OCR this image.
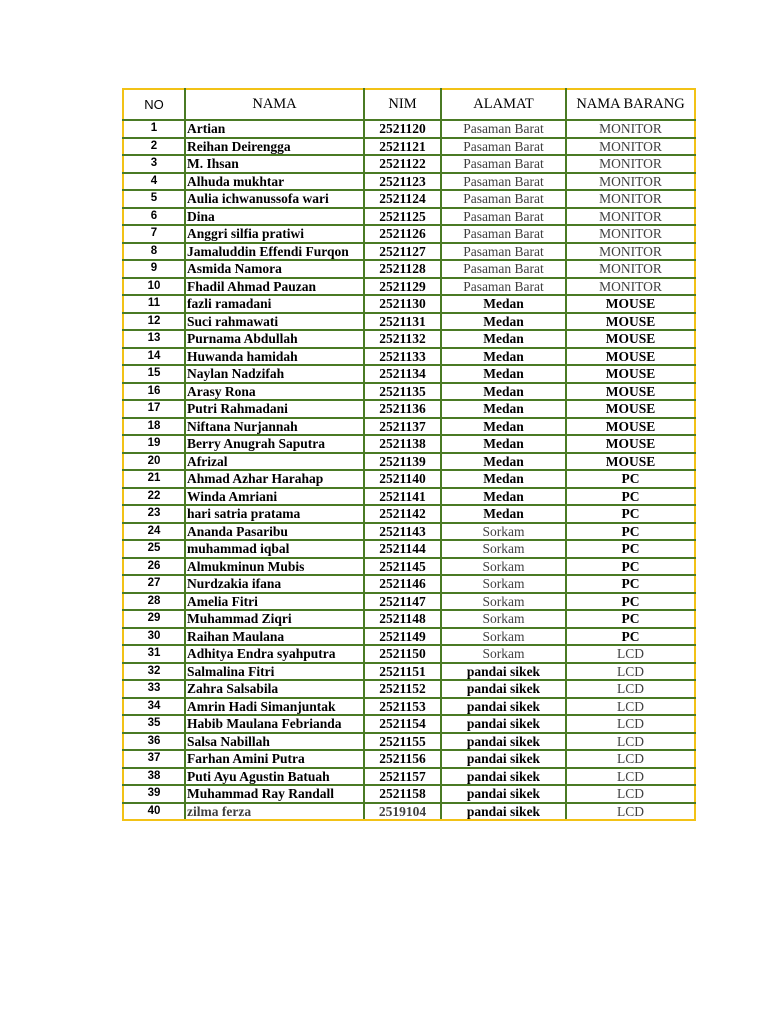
NO	NAMA	NIM	ALAMAT	NAMA BARANG
1	Artian	2521120	Pasaman Barat	MONITOR
2	Reihan Deirengga	2521121	Pasaman Barat	MONITOR
3	M. Ihsan	2521122	Pasaman Barat	MONITOR
4	Alhuda mukhtar	2521123	Pasaman Barat	MONITOR
5	Aulia ichwanussofa wari	2521124	Pasaman Barat	MONITOR
6	Dina	2521125	Pasaman Barat	MONITOR
7	Anggri silfia pratiwi	2521126	Pasaman Barat	MONITOR
8	Jamaluddin Effendi Furqon	2521127	Pasaman Barat	MONITOR
9	Asmida Namora	2521128	Pasaman Barat	MONITOR
10	Fhadil Ahmad Pauzan	2521129	Pasaman Barat	MONITOR
11	fazli ramadani	2521130	Medan	MOUSE
12	Suci rahmawati	2521131	Medan	MOUSE
13	Purnama Abdullah	2521132	Medan	MOUSE
14	Huwanda hamidah	2521133	Medan	MOUSE
15	Naylan Nadzifah	2521134	Medan	MOUSE
16	Arasy Rona	2521135	Medan	MOUSE
17	Putri Rahmadani	2521136	Medan	MOUSE
18	Niftana Nurjannah	2521137	Medan	MOUSE
19	Berry Anugrah Saputra	2521138	Medan	MOUSE
20	Afrizal	2521139	Medan	MOUSE
21	Ahmad Azhar Harahap	2521140	Medan	PC
22	Winda Amriani	2521141	Medan	PC
23	hari satria pratama	2521142	Medan	PC
24	Ananda Pasaribu	2521143	Sorkam	PC
25	muhammad iqbal	2521144	Sorkam	PC
26	Almukminun Mubis	2521145	Sorkam	PC
27	Nurdzakia ifana	2521146	Sorkam	PC
28	Amelia Fitri	2521147	Sorkam	PC
29	Muhammad Ziqri	2521148	Sorkam	PC
30	Raihan Maulana	2521149	Sorkam	PC
31	Adhitya Endra syahputra	2521150	Sorkam	LCD
32	Salmalina Fitri	2521151	pandai sikek	LCD
33	Zahra Salsabila	2521152	pandai sikek	LCD
34	Amrin Hadi Simanjuntak	2521153	pandai sikek	LCD
35	Habib Maulana Febrianda	2521154	pandai sikek	LCD
36	Salsa Nabillah	2521155	pandai sikek	LCD
37	Farhan Amini Putra	2521156	pandai sikek	LCD
38	Puti Ayu Agustin Batuah	2521157	pandai sikek	LCD
39	Muhammad Ray Randall	2521158	pandai sikek	LCD
40	zilma ferza	2519104	pandai sikek	LCD
